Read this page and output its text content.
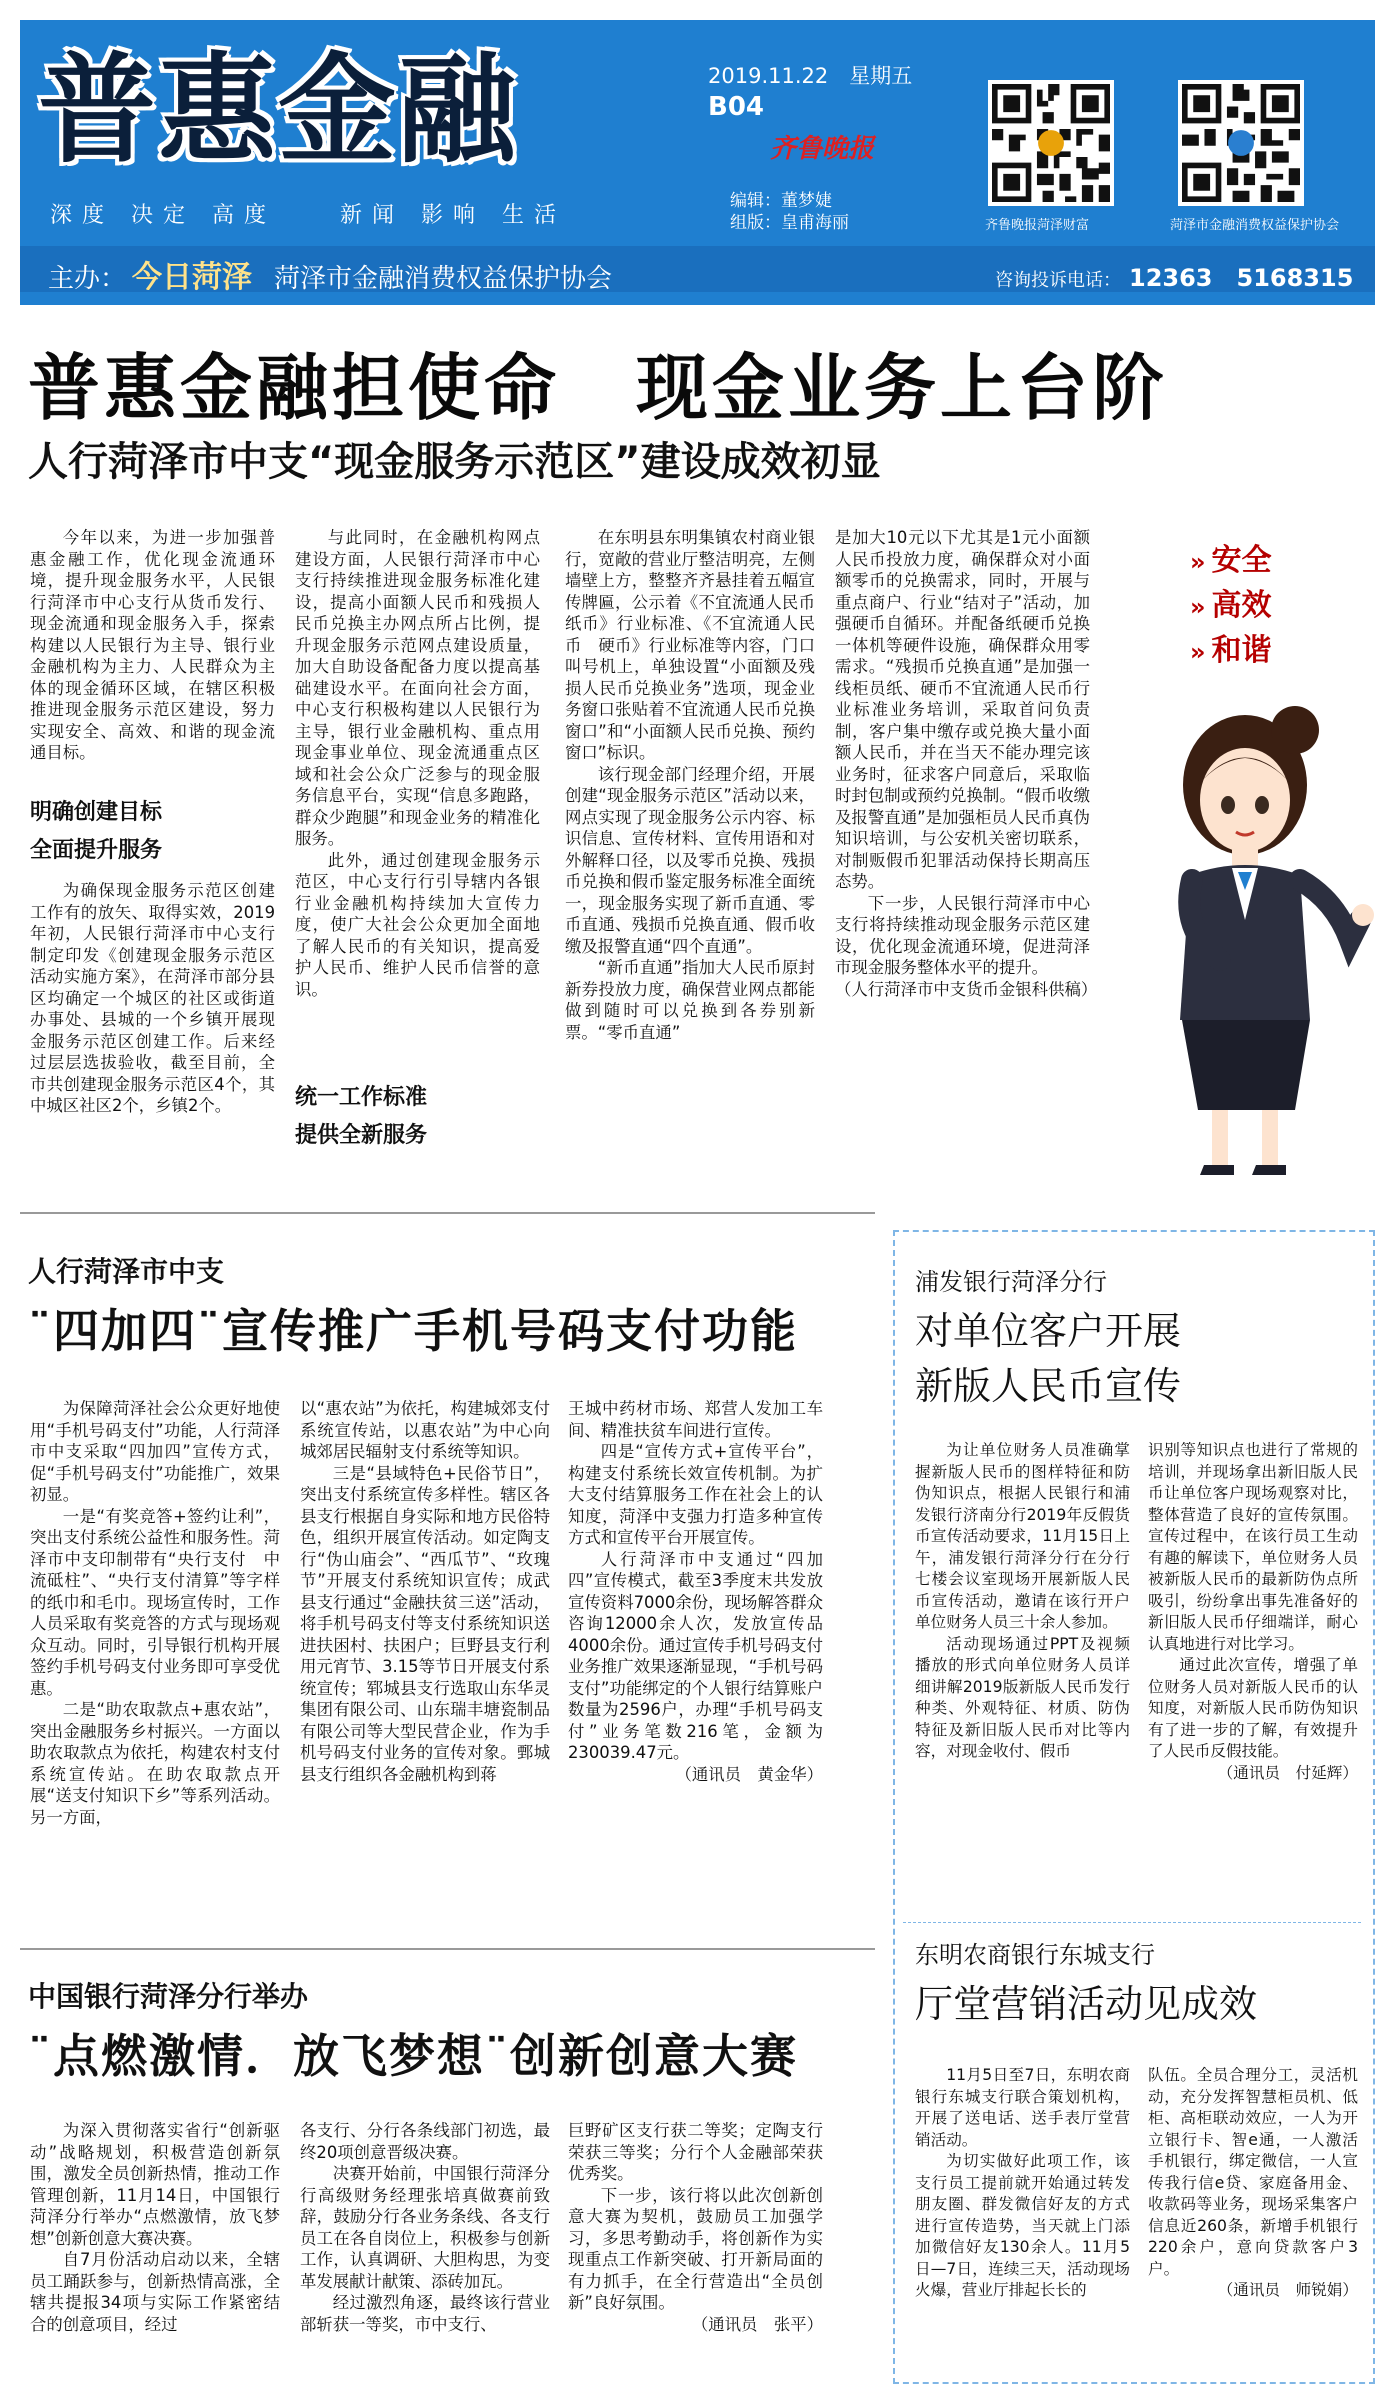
普惠金融
深度 决定 高度　　新闻 影响 生活
主办： 今日菏泽 菏泽市金融消费权益保护协会
2019.11.22　星期五
B04
齐鲁晚报
编辑：董梦婕
组版：皇甫海丽	齐鲁晚报菏泽财富	菏泽市金融消费权益保护协会
咨询投诉电话： 12363　5168315
普惠金融担使命　现金业务上台阶
人行菏泽市中支“现金服务示范区”建设成效初显

今年以来，为进一步加强普惠金融工作，优化现金流通环境，提升现金服务水平，人民银行菏泽市中心支行从货币发行、现金流通和现金服务入手，探索构建以人民银行为主导、银行业金融机构为主力、人民群众为主体的现金循环区域，在辖区积极推进现金服务示范区建设，努力实现安全、高效、和谐的现金流通目标。

明确创建目标
全面提升服务

为确保现金服务示范区创建工作有的放矢、取得实效，2019年初，人民银行菏泽市中心支行制定印发《创建现金服务示范区活动实施方案》，在菏泽市部分县区均确定一个城区的社区或街道办事处、县城的一个乡镇开展现金服务示范区创建工作。后来经过层层选拔验收，截至目前，全市共创建现金服务示范区4个，其中城区社区2个，乡镇2个。

与此同时，在金融机构网点建设方面，人民银行菏泽市中心支行持续推进现金服务标准化建设，提高小面额人民币和残损人民币兑换主办网点所占比例，提升现金服务示范网点建设质量，加大自助设备配备力度以提高基础建设水平。在面向社会方面，中心支行积极构建以人民银行为主导，银行业金融机构、重点用现金事业单位、现金流通重点区域和社会公众广泛参与的现金服务信息平台，实现“信息多跑路，群众少跑腿”和现金业务的精准化服务。

此外，通过创建现金服务示范区，中心支行行引导辖内各银行业金融机构持续加大宣传力度，使广大社会公众更加全面地了解人民币的有关知识，提高爱护人民币、维护人民币信誉的意识。

统一工作标准
提供全新服务

在东明县东明集镇农村商业银行，宽敞的营业厅整洁明亮，左侧墙壁上方，整整齐齐悬挂着五幅宣传牌匾，公示着《不宜流通人民币　纸币》行业标准、《不宜流通人民币　硬币》行业标准等内容，门口叫号机上，单独设置“小面额及残损人民币兑换业务”选项，现金业务窗口张贴着不宜流通人民币兑换窗口”和“小面额人民币兑换、预约窗口”标识。

该行现金部门经理介绍，开展创建“现金服务示范区”活动以来，网点实现了现金服务公示内容、标识信息、宣传材料、宣传用语和对外解释口径，以及零币兑换、残损币兑换和假币鉴定服务标准全面统一，现金服务实现了新币直通、零币直通、残损币兑换直通、假币收缴及报警直通“四个直通”。

“新币直通”指加大人民币原封新券投放力度，确保营业网点都能做到随时可以兑换到各券别新票。“零币直通”

是加大10元以下尤其是1元小面额人民币投放力度，确保群众对小面额零币的兑换需求，同时，开展与重点商户、行业“结对子”活动，加强硬币自循环。并配备纸硬币兑换一体机等硬件设施，确保群众用零需求。“残损币兑换直通”是加强一线柜员纸、硬币不宜流通人民币行业标准业务培训，采取首问负责制，客户集中缴存或兑换大量小面额人民币，并在当天不能办理完该业务时，征求客户同意后，采取临时封包制或预约兑换制。“假币收缴及报警直通”是加强柜员人民币真伪知识培训，与公安机关密切联系，对制贩假币犯罪活动保持长期高压态势。

下一步，人民银行菏泽市中心支行将持续推动现金服务示范区建设，优化现金流通环境，促进菏泽市现金服务整体水平的提升。

（人行菏泽市中支货币金银科供稿）

» 安全
» 高效
» 和谐
人行菏泽市中支
¨四加四¨宣传推广手机号码支付功能

为保障菏泽社会公众更好地使用“手机号码支付”功能，人行菏泽市中支采取“四加四”宣传方式，促“手机号码支付”功能推广，效果初显。

一是“有奖竞答+签约让利”，突出支付系统公益性和服务性。菏泽市中支印制带有“央行支付　中流砥柱”、“央行支付清算”等字样的纸巾和毛巾。现场宣传时，工作人员采取有奖竞答的方式与现场观众互动。同时，引导银行机构开展签约手机号码支付业务即可享受优惠。

二是“助农取款点+惠农站”，突出金融服务乡村振兴。一方面以助农取款点为依托，构建农村支付系统宣传站。在助农取款点开展“送支付知识下乡”等系列活动。另一方面，

以“惠农站”为依托，构建城郊支付系统宣传站，以惠农站”为中心向城郊居民辐射支付系统等知识。

三是“县域特色+民俗节日”，突出支付系统宣传多样性。辖区各县支行根据自身实际和地方民俗特色，组织开展宣传活动。如定陶支行“伪山庙会”、“西瓜节”、“玫瑰节”开展支付系统知识宣传；成武县支行通过“金融扶贫三送”活动，将手机号码支付等支付系统知识送进扶困村、扶困户；巨野县支行利用元宵节、3.15等节日开展支付系统宣传；郓城县支行选取山东华灵集团有限公司、山东瑞丰塘瓷制品有限公司等大型民营企业，作为手机号码支付业务的宣传对象。鄄城县支行组织各金融机构到蒋

王城中药材市场、郑营人发加工车间、精准扶贫车间进行宣传。

四是“宣传方式+宣传平台”，构建支付系统长效宣传机制。为扩大支付结算服务工作在社会上的认知度，菏泽中支强力打造多种宣传方式和宣传平台开展宣传。

人行菏泽市中支通过“四加四”宣传模式，截至3季度末共发放宣传资料7000余份，现场解答群众咨询12000余人次，发放宣传品4000余份。通过宣传手机号码支付业务推广效果逐渐显现，“手机号码支付”功能绑定的个人银行结算账户数量为2596户，办理“手机号码支付”业务笔数216笔，金额为230039.47元。

（通讯员　黄金华）

中国银行菏泽分行举办
¨点燃激情．放飞梦想¨创新创意大赛

为深入贯彻落实省行“创新驱动”战略规划，积极营造创新氛围，激发全员创新热情，推动工作管理创新，11月14日，中国银行菏泽分行举办“点燃激情，放飞梦想”创新创意大赛决赛。

自7月份活动启动以来，全辖员工踊跃参与，创新热情高涨，全辖共提报34项与实际工作紧密结合的创意项目，经过

各支行、分行各条线部门初选，最终20项创意晋级决赛。

决赛开始前，中国银行菏泽分行高级财务经理张培真做赛前致辞，鼓励分行各业务条线、各支行员工在各自岗位上，积极参与创新工作，认真调研、大胆构思，为变革发展献计献策、添砖加瓦。

经过激烈角逐，最终该行营业部斩获一等奖，市中支行、

巨野矿区支行获二等奖；定陶支行荣获三等奖；分行个人金融部荣获优秀奖。

下一步，该行将以此次创新创意大赛为契机，鼓励员工加强学习，多思考勤动手，将创新作为实现重点工作新突破、打开新局面的有力抓手，在全行营造出“全员创新”良好氛围。

（通讯员　张平）

浦发银行菏泽分行
对单位客户开展
新版人民币宣传

为让单位财务人员准确掌握新版人民币的图样特征和防伪知识点，根据人民银行和浦发银行济南分行2019年反假货币宣传活动要求，11月15日上午，浦发银行菏泽分行在分行七楼会议室现场开展新版人民币宣传活动，邀请在该行开户单位财务人员三十余人参加。

活动现场通过PPT及视频播放的形式向单位财务人员详细讲解2019版新版人民币发行种类、外观特征、材质、防伪特征及新旧版人民币对比等内容，对现金收付、假币

识别等知识点也进行了常规的培训，并现场拿出新旧版人民币让单位客户现场观察对比，整体营造了良好的宣传氛围。宣传过程中，在该行员工生动有趣的解读下，单位财务人员被新版人民币的最新防伪点所吸引，纷纷拿出事先准备好的新旧版人民币仔细端详，耐心认真地进行对比学习。

通过此次宣传，增强了单位财务人员对新版人民币的认知度，对新版人民币防伪知识有了进一步的了解，有效提升了人民币反假技能。

（通讯员　付延辉）

东明农商银行东城支行
厅堂营销活动见成效

11月5日至7日，东明农商银行东城支行联合策划机构，开展了送电话、送手表厅堂营销活动。

为切实做好此项工作，该支行员工提前就开始通过转发朋友圈、群发微信好友的方式进行宣传造势，当天就上门添加微信好友130余人。11月5日—7日，连续三天，活动现场火爆，营业厅排起长长的

队伍。全员合理分工，灵活机动，充分发挥智慧柜员机、低柜、高柜联动效应，一人为开立银行卡、智e通，一人激活手机银行，绑定微信，一人宣传我行信e贷、家庭备用金、收款码等业务，现场采集客户信息近260条，新增手机银行220余户，意向贷款客户3户。

（通讯员　师锐娟）
